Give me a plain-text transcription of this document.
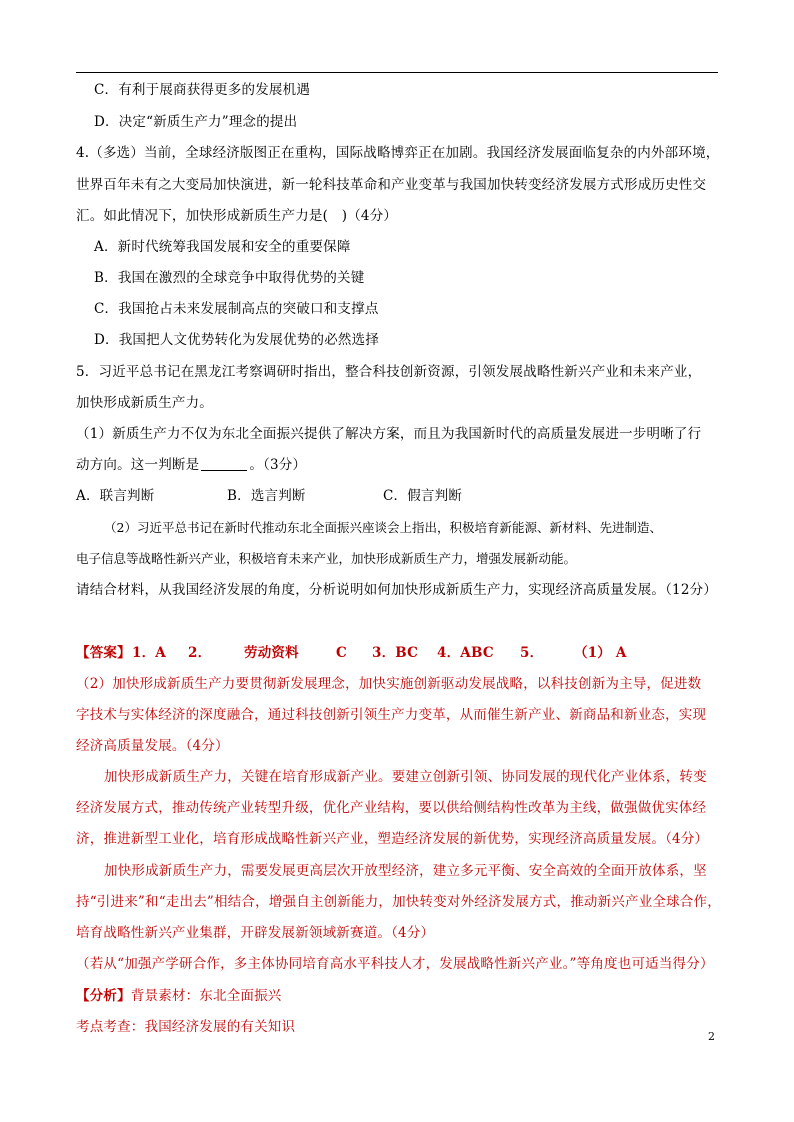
C．有利于展商获得更多的发展机遇
D．决定“新质生产力”理念的提出
4.（多选）当前，全球经济版图正在重构，国际战略博弈正在加剧。我国经济发展面临复杂的内外部环境，
世界百年未有之大变局加快演进，新一轮科技革命和产业变革与我国加快转变经济发展方式形成历史性交
汇。如此情况下，加快形成新质生产力是(　)（4分）
A．新时代统筹我国发展和安全的重要保障
B．我国在激烈的全球竞争中取得优势的关键
C．我国抢占未来发展制高点的突破口和支撑点
D．我国把人文优势转化为发展优势的必然选择
5．习近平总书记在黑龙江考察调研时指出，整合科技创新资源，引领发展战略性新兴产业和未来产业，
加快形成新质生产力。
（1）新质生产力不仅为东北全面振兴提供了解决方案，而且为我国新时代的高质量发展进一步明晰了行
动方向。这一判断是	。（3分）
A．联言判断	B．选言判断	C．假言判断
（2）习近平总书记在新时代推动东北全面振兴座谈会上指出，积极培育新能源、新材料、先进制造、
电子信息等战略性新兴产业，积极培育未来产业，加快形成新质生产力，增强发展新动能。
请结合材料，从我国经济发展的角度，分析说明如何加快形成新质生产力，实现经济高质量发展。（12分）
【答案】 1．A 2． 劳动资料	C 3．BC 4．ABC 5． （1） A
（2）加快形成新质生产力要贯彻新发展理念，加快实施创新驱动发展战略，以科技创新为主导，促进数
字技术与实体经济的深度融合，通过科技创新引领生产力变革，从而催生新产业、新商品和新业态，实现
经济高质量发展。（4分）
加快形成新质生产力，关键在培育形成新产业。要建立创新引领、协同发展的现代化产业体系，转变
经济发展方式，推动传统产业转型升级，优化产业结构，要以供给侧结构性改革为主线，做强做优实体经
济，推进新型工业化，培育形成战略性新兴产业，塑造经济发展的新优势，实现经济高质量发展。（4分）
加快形成新质生产力，需要发展更高层次开放型经济，建立多元平衡、安全高效的全面开放体系，坚
持“引进来”和“走出去”相结合，增强自主创新能力，加快转变对外经济发展方式，推动新兴产业全球合作，
培育战略性新兴产业集群，开辟发展新领域新赛道。（4分）
（若从“加强产学研合作，多主体协同培育高水平科技人才，发展战略性新兴产业。”等角度也可适当得分）
【分析】背景素材：东北全面振兴
考点考查：我国经济发展的有关知识
2
